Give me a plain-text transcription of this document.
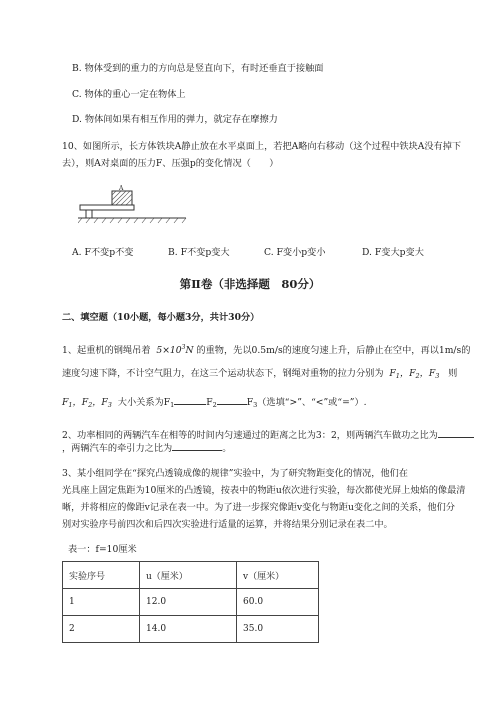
B. 物体受到的重力的方向总是竖直向下，有时还垂直于接触面
C. 物体的重心一定在物体上
D. 物体间如果有相互作用的弹力，就定存在摩擦力
10、如图所示，长方体铁块A静止放在水平桌面上，若把A略向右移动（这个过程中铁块A没有掉下
去），则A对桌面的压力F、压强p的变化情况（　　）
A
A. F不变p不变	B. F不变p变大	C. F变小p变小	D. F变大p变大
第Ⅱ卷（非选择题　80分）
二、填空题（10小题，每小题3分，共计30分）
1、起重机的钢绳吊着 $5\times 10^3N$ 的重物，先以0.5m/s的速度匀速上升，后静止在空中，再以1m/s的
速度匀速下降，不计空气阻力，在这三个运动状态下，钢绳对重物的拉力分别为 $F_1$，$F_2$，$F_3$ 则
$F_1$，$F_2$，$F_3$ 大小关系为$F_1$	$F_2$	$F_3$（选填“>”、“<”或“=”）.
2、功率相同的两辆汽车在相等的时间内匀速通过的距离之比为3：2，则两辆汽车做功之比为
，两辆汽车的牵引力之比为	。
3、某小组同学在“探究凸透镜成像的规律”实验中，为了研究物距变化的情况，他们在
光具座上固定焦距为10厘米的凸透镜，按表中的物距u依次进行实验，每次都使光屏上烛焰的像最清
晰，并将相应的像距v记录在表一中。为了进一步探究像距v变化与物距u变化之间的关系，他们分
别对实验序号前四次和后四次实验进行适量的运算，并将结果分别记录在表二中。
表一：f=10厘米
实验序号	u（厘米）	v（厘米）
1	12.0	60.0
2	14.0	35.0
